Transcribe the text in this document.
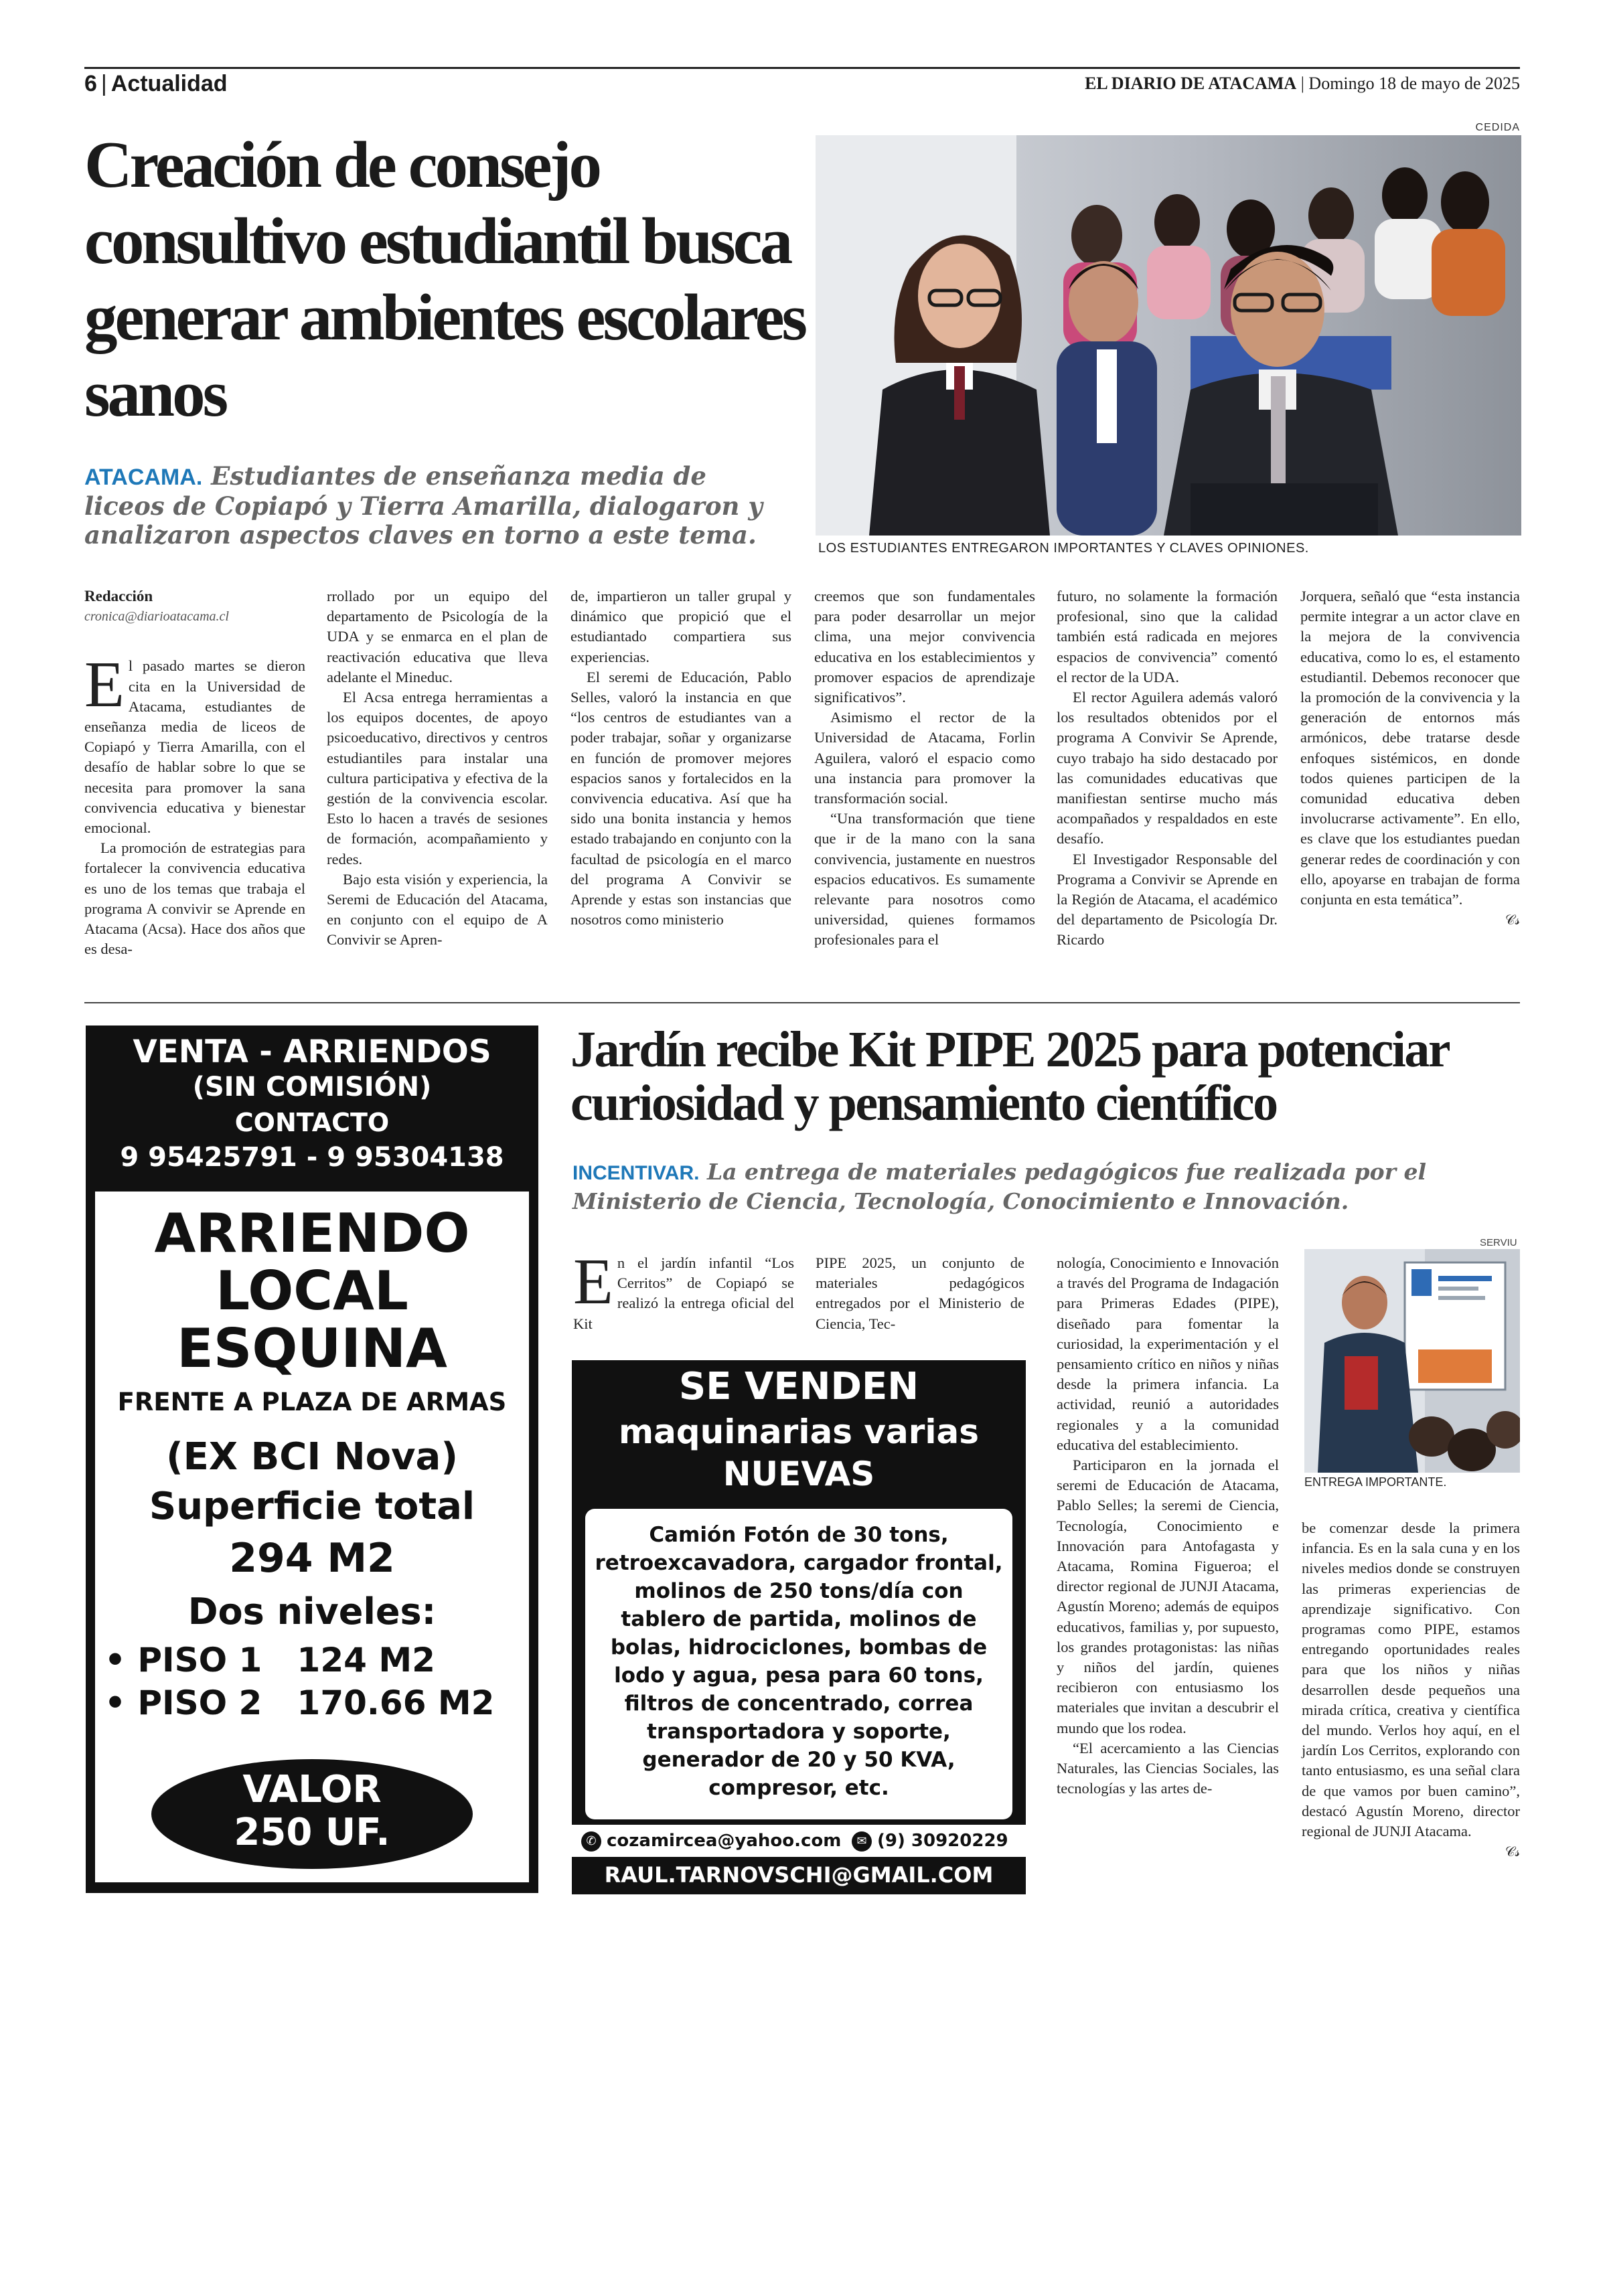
6 | Actualidad	EL DIARIO DE ATACAMA | Domingo 18 de mayo de 2025
Creación de consejo consultivo estudiantil busca generar ambientes escolares sanos
ATACAMA. Estudiantes de enseñanza media de liceos de Copiapó y Tierra Amarilla, dialogaron y analizaron aspectos claves en torno a este tema.
CEDIDA
LOS ESTUDIANTES ENTREGARON IMPORTANTES Y CLAVES OPINIONES.
Redacción
cronica@diarioatacama.cl

El pasado martes se dieron cita en la Universidad de Atacama, estudiantes de enseñanza media de liceos de Copiapó y Tierra Amarilla, con el desafío de hablar sobre lo que se necesita para promover la sana convivencia educativa y bienestar emocional.

La promoción de estrategias para fortalecer la convivencia educativa es uno de los temas que trabaja el programa A convivir se Aprende en Atacama (Acsa). Hace dos años que es desa-

rrollado por un equipo del departamento de Psicología de la UDA y se enmarca en el plan de reactivación educativa que lleva adelante el Mineduc.

El Acsa entrega herramientas a los equipos docentes, de apoyo psicoeducativo, directivos y centros estudiantiles para instalar una cultura participativa y efectiva de la gestión de la convivencia escolar. Esto lo hacen a través de sesiones de formación, acompañamiento y redes.

Bajo esta visión y experiencia, la Seremi de Educación del Atacama, en conjunto con el equipo de A Convivir se Apren-

de, impartieron un taller grupal y dinámico que propició que el estudiantado compartiera sus experiencias.

El seremi de Educación, Pablo Selles, valoró la instancia en que “los centros de estudiantes van a poder trabajar, soñar y organizarse en función de promover mejores espacios sanos y fortalecidos en la convivencia educativa. Así que ha sido una bonita instancia y hemos estado trabajando en conjunto con la facultad de psicología en el marco del programa A Convivir se Aprende y estas son instancias que nosotros como ministerio

creemos que son fundamentales para poder desarrollar un mejor clima, una mejor convivencia educativa en los establecimientos y promover espacios de aprendizaje significativos”.

Asimismo el rector de la Universidad de Atacama, Forlin Aguilera, valoró el espacio como una instancia para promover la transformación social.

“Una transformación que tiene que ir de la mano con la sana convivencia, justamente en nuestros espacios educativos. Es sumamente relevante para nosotros como universidad, quienes formamos profesionales para el

futuro, no solamente la formación profesional, sino que la calidad también está radicada en mejores espacios de convivencia” comentó el rector de la UDA.

El rector Aguilera además valoró los resultados obtenidos por el programa A Convivir Se Aprende, cuyo trabajo ha sido destacado por las comunidades educativas que manifiestan sentirse mucho más acompañados y respaldados en este desafío.

El Investigador Responsable del Programa a Convivir se Aprende en la Región de Atacama, el académico del departamento de Psicología Dr. Ricardo

Jorquera, señaló que “esta instancia permite integrar a un actor clave en la mejora de la convivencia educativa, como lo es, el estamento estudiantil. Debemos reconocer que la promoción de la convivencia y la generación de entornos más armónicos, debe tratarse desde enfoques sistémicos, en donde todos quienes participen de la comunidad educativa deben involucrarse activamente”. En ello, es clave que los estudiantes puedan generar redes de coordinación y con ello, apoyarse en trabajan de forma conjunta en esta temática”.

𝒞𝓈
VENTA - ARRIENDOS
(SIN COMISIÓN)
CONTACTO
9 95425791 - 9 95304138
ARRIENDO
LOCAL
ESQUINA
FRENTE A PLAZA DE ARMAS
(EX BCI Nova)
Superficie total
294 M2
Dos niveles:
• PISO 1   124 M2
• PISO 2   170.66 M2
VALOR
250 UF.
Jardín recibe Kit PIPE 2025 para potenciar curiosidad y pensamiento científico
INCENTIVAR. La entrega de materiales pedagógicos fue realizada por el Ministerio de Ciencia, Tecnología, Conocimiento e Innovación.

En el jardín infantil “Los Cerritos” de Copiapó se realizó la entrega oficial del Kit

PIPE 2025, un conjunto de materiales pedagógicos entregados por el Ministerio de Ciencia, Tec-

nología, Conocimiento e Innovación a través del Programa de Indagación para Primeras Edades (PIPE), diseñado para fomentar la curiosidad, la experimentación y el pensamiento crítico en niños y niñas desde la primera infancia. La actividad, reunió a autoridades regionales y a la comunidad educativa del establecimiento.

Participaron en la jornada el seremi de Educación de Atacama, Pablo Selles; la seremi de Ciencia, Tecnología, Conocimiento e Innovación para Antofagasta y Atacama, Romina Figueroa; el director regional de JUNJI Atacama, Agustín Moreno; además de equipos educativos, familias y, por supuesto, los grandes protagonistas: las niñas y niños del jardín, quienes recibieron con entusiasmo los materiales que invitan a descubrir el mundo que los rodea.

“El acercamiento a las Ciencias Naturales, las Ciencias Sociales, las tecnologías y las artes de-

be comenzar desde la primera infancia. Es en la sala cuna y en los niveles medios donde se construyen las primeras experiencias de aprendizaje significativo. Con programas como PIPE, estamos entregando oportunidades reales para que los niños y niñas desarrollen desde pequeños una mirada crítica, creativa y científica del mundo. Verlos hoy aquí, en el jardín Los Cerritos, explorando con tanto entusiasmo, es una señal clara de que vamos por buen camino”, destacó Agustín Moreno, director regional de JUNJI Atacama.

𝒞𝓈
SERVIU
ENTREGA IMPORTANTE.
SE VENDEN
maquinarias varias
NUEVAS
Camión Fotón de 30 tons, retroexcavadora, cargador frontal, molinos de 250 tons/día con tablero de partida, molinos de bolas, hidrociclones, bombas de lodo y agua, pesa para 60 tons, filtros de concentrado, correa transportadora y soporte, generador de 20 y 50 KVA, compresor, etc.
✆ cozamircea@yahoo.com	✉ (9) 30920229
RAUL.TARNOVSCHI@GMAIL.COM
